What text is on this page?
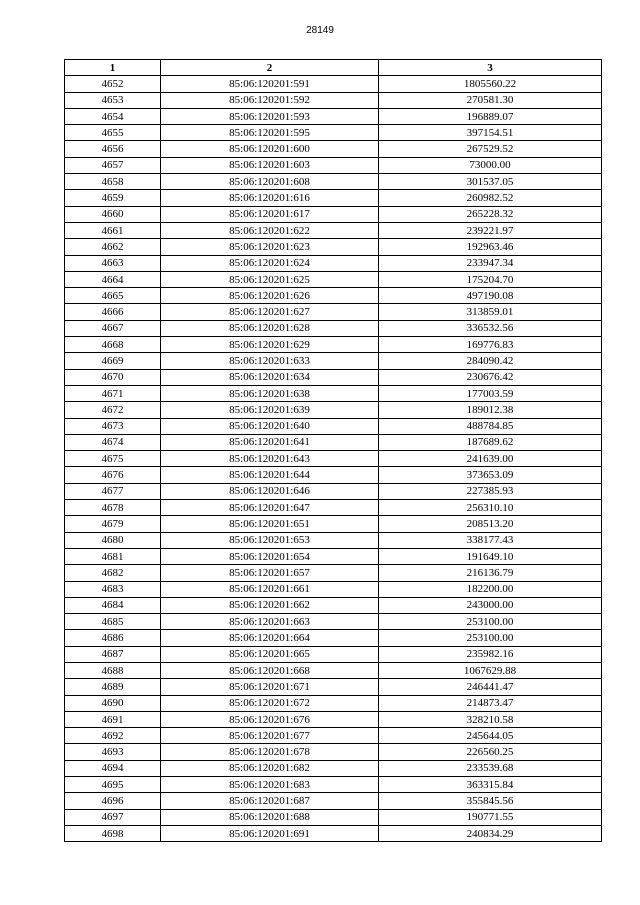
28149
1	2	3
4652	85:06:120201:591	1805560.22
4653	85:06:120201:592	270581.30
4654	85:06:120201:593	196889.07
4655	85:06:120201:595	397154.51
4656	85:06:120201:600	267529.52
4657	85:06:120201:603	73000.00
4658	85:06:120201:608	301537.05
4659	85:06:120201:616	260982.52
4660	85:06:120201:617	265228.32
4661	85:06:120201:622	239221.97
4662	85:06:120201:623	192963.46
4663	85:06:120201:624	233947.34
4664	85:06:120201:625	175204.70
4665	85:06:120201:626	497190.08
4666	85:06:120201:627	313859.01
4667	85:06:120201:628	336532.56
4668	85:06:120201:629	169776.83
4669	85:06:120201:633	284090.42
4670	85:06:120201:634	230676.42
4671	85:06:120201:638	177003.59
4672	85:06:120201:639	189012.38
4673	85:06:120201:640	488784.85
4674	85:06:120201:641	187689.62
4675	85:06:120201:643	241639.00
4676	85:06:120201:644	373653.09
4677	85:06:120201:646	227385.93
4678	85:06:120201:647	256310.10
4679	85:06:120201:651	208513.20
4680	85:06:120201:653	338177.43
4681	85:06:120201:654	191649.10
4682	85:06:120201:657	216136.79
4683	85:06:120201:661	182200.00
4684	85:06:120201:662	243000.00
4685	85:06:120201:663	253100.00
4686	85:06:120201:664	253100.00
4687	85:06:120201:665	235982.16
4688	85:06:120201:668	1067629.88
4689	85:06:120201:671	246441.47
4690	85:06:120201:672	214873.47
4691	85:06:120201:676	328210.58
4692	85:06:120201:677	245644.05
4693	85:06:120201:678	226560.25
4694	85:06:120201:682	233539.68
4695	85:06:120201:683	363315.84
4696	85:06:120201:687	355845.56
4697	85:06:120201:688	190771.55
4698	85:06:120201:691	240834.29
